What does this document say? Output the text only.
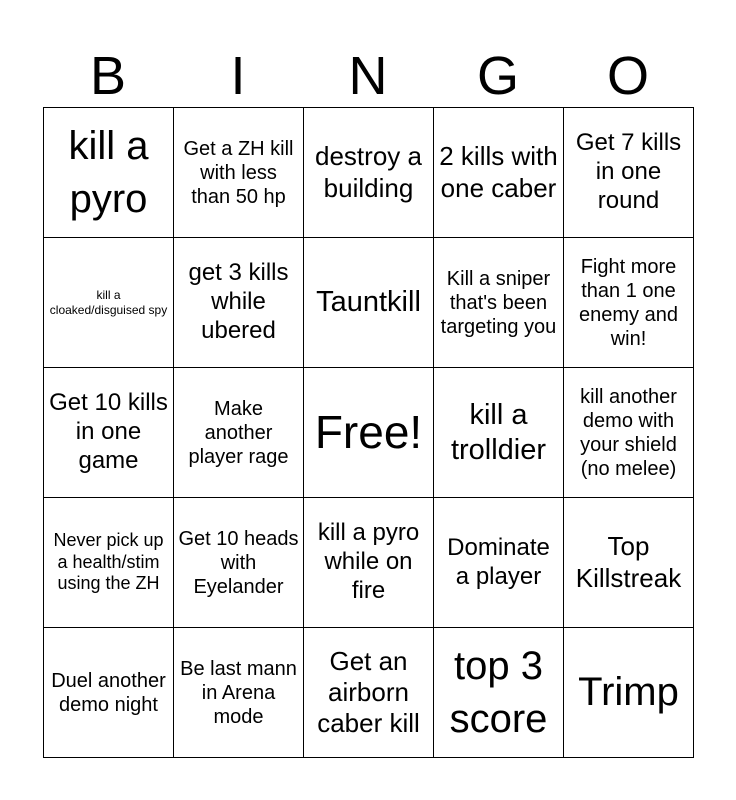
B	I	N	G	O
kill a pyro	Get a ZH kill with less than 50 hp	destroy a building	2 kills with one caber	Get 7 kills in one round
kill a cloaked/disguised spy	get 3 kills while ubered	Tauntkill	Kill a sniper that's been targeting you	Fight more than 1 one enemy and win!
Get 10 kills in one game	Make another player rage	Free!	kill a trolldier	kill another demo with your shield (no melee)
Never pick up a health/stim using the ZH	Get 10 heads with Eyelander	kill a pyro while on fire	Dominate a player	Top Killstreak
Duel another demo night	Be last mann in Arena mode	Get an airborn caber kill	top 3 score	Trimp
